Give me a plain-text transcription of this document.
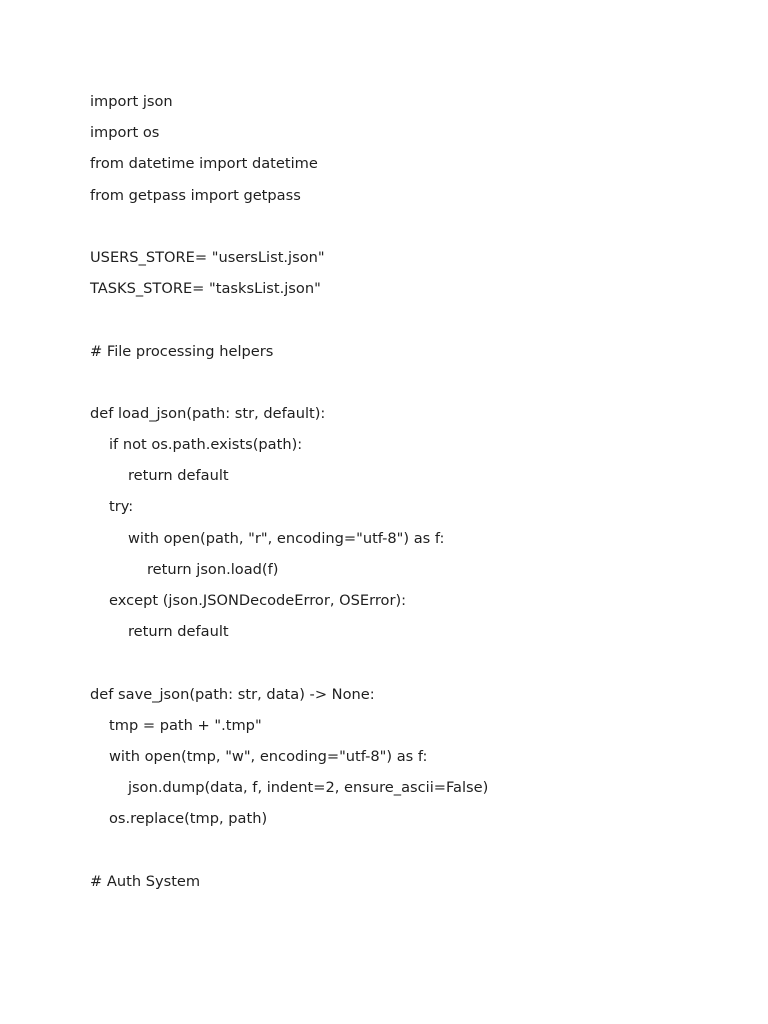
import json
import os
from datetime import datetime
from getpass import getpass
USERS_STORE= "usersList.json"
TASKS_STORE= "tasksList.json"
# File processing helpers
def load_json(path: str, default):
if not os.path.exists(path):
return default
try:
with open(path, "r", encoding="utf-8") as f:
return json.load(f)
except (json.JSONDecodeError, OSError):
return default
def save_json(path: str, data) -> None:
tmp = path + ".tmp"
with open(tmp, "w", encoding="utf-8") as f:
json.dump(data, f, indent=2, ensure_ascii=False)
os.replace(tmp, path)
# Auth System
